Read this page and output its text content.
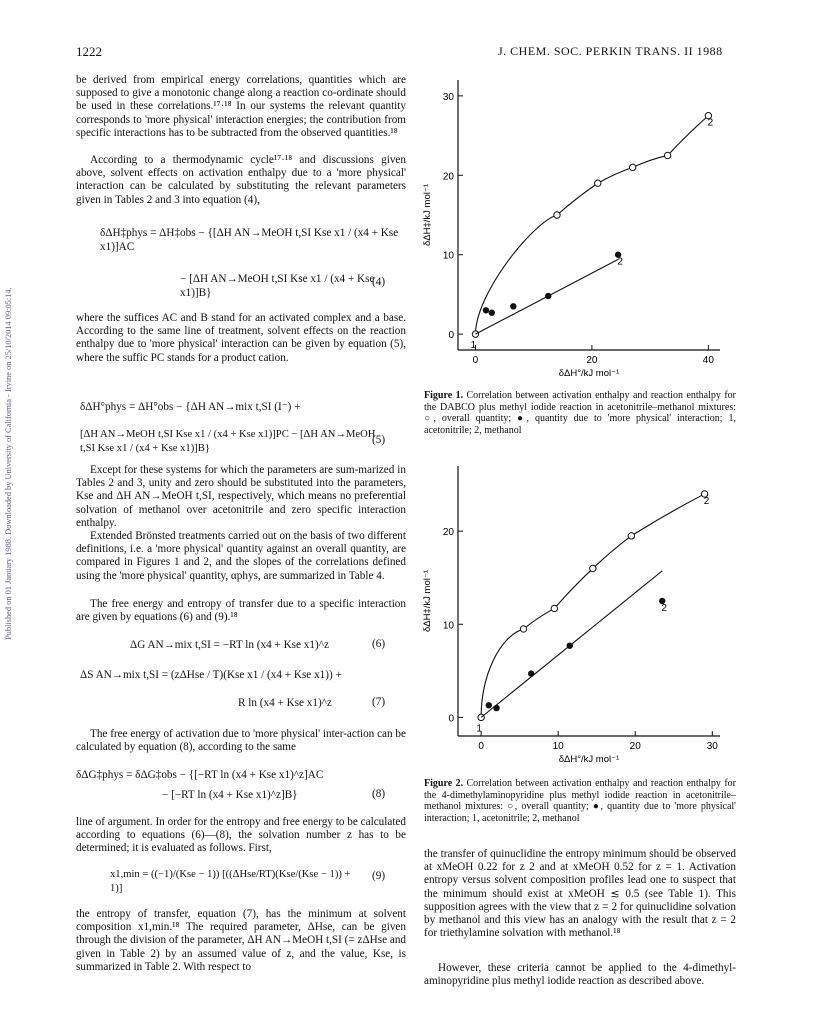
1222	J. CHEM. SOC. PERKIN TRANS. II 1988
Published on 01 January 1988. Downloaded by University of California - Irvine on 25/10/2014 09:05:14.

be derived from empirical energy correlations, quantities which are supposed to give a monotonic change along a reaction co-ordinate should be used in these correlations.¹⁷·¹⁸ In our systems the relevant quantity corresponds to 'more physical' interaction energies; the contribution from specific interactions has to be subtracted from the observed quantities.¹⁸

According to a thermodynamic cycle¹⁷·¹⁸ and discussions given above, solvent effects on activation enthalpy due to a 'more physical' interaction can be calculated by substituting the relevant parameters given in Tables 2 and 3 into equation (4),

δΔH‡phys = ΔH‡obs − {[ΔH AN→MeOH t,SI Kse x1 / (x4 + Kse x1)]AC
− [ΔH AN→MeOH t,SI Kse x1 / (x4 + Kse x1)]B}
(4)

where the suffices AC and B stand for an activated complex and a base. According to the same line of treatment, solvent effects on the reaction enthalpy due to 'more physical' interaction can be given by equation (5), where the suffic PC stands for a product cation.

δΔH°phys = ΔH°obs − {ΔH AN→mix t,SI (I⁻) +
[ΔH AN→MeOH t,SI Kse x1 / (x4 + Kse x1)]PC − [ΔH AN→MeOH t,SI Kse x1 / (x4 + Kse x1)]B}
(5)

Except for these systems for which the parameters are sum-marized in Tables 2 and 3, unity and zero should be substituted into the parameters, Kse and ΔH AN→MeOH t,SI, respectively, which means no preferential solvation of methanol over acetonitrile and zero specific interaction enthalpy.

Extended Brönsted treatments carried out on the basis of two different definitions, i.e. a 'more physical' quantity against an overall quantity, are compared in Figures 1 and 2, and the slopes of the correlations defined using the 'more physical' quantity, αphys, are summarized in Table 4.

The free energy and entropy of transfer due to a specific interaction are given by equations (6) and (9).¹⁸

ΔG AN→mix t,SI = −RT ln (x4 + Kse x1)^z	(6)
ΔS AN→mix t,SI = (zΔHse / T)(Kse x1 / (x4 + Kse x1)) +
R ln (x4 + Kse x1)^z	(7)

The free energy of activation due to 'more physical' inter-action can be calculated by equation (8), according to the same

δΔG‡phys = δΔG‡obs − {[−RT ln (x4 + Kse x1)^z]AC
− [−RT ln (x4 + Kse x1)^z]B}	(8)

line of argument. In order for the entropy and free energy to be calculated according to equations (6)—(8), the solvation number z has to be determined; it is evaluated as follows. First,

x1,min = ((−1)/(Kse − 1)) [((ΔHse/RT)(Kse/(Kse − 1)) + 1)]
(9)

the entropy of transfer, equation (7), has the minimum at solvent composition x1,min.¹⁸ The required parameter, ΔHse, can be given through the division of the parameter, ΔH AN→MeOH t,SI (= zΔHse and given in Table 2) by an assumed value of z, and the value, Kse, is summarized in Table 2. With respect to

0	20	40
0
10
20
30
δΔH°/kJ mol⁻¹
δΔH‡/kJ mol⁻¹
1
2
2
Figure 1. Correlation between activation enthalpy and reaction enthalpy for the DABCO plus methyl iodide reaction in acetonitrile–methanol mixtures: ○, overall quantity; ●, quantity due to 'more physical' interaction; 1, acetonitrile; 2, methanol
0	10	20	30
0
10
20
δΔH°/kJ mol⁻¹
δΔH‡/kJ mol⁻¹
1
2
2
Figure 2. Correlation between activation enthalpy and reaction enthalpy for the 4-dimethylaminopyridine plus methyl iodide reaction in acetonitrile–methanol mixtures: ○, overall quantity; ●, quantity due to 'more physical' interaction; 1, acetonitrile; 2, methanol

the transfer of quinuclidine the entropy minimum should be observed at xMeOH 0.22 for z 2 and at xMeOH 0.52 for z = 1. Activation entropy versus solvent composition profiles lead one to suspect that the minimum should exist at xMeOH ≲ 0.5 (see Table 1). This supposition agrees with the view that z = 2 for quinuclidine solvation by methanol and this view has an analogy with the result that z = 2 for triethylamine solvation with methanol.¹⁸

However, these criteria cannot be applied to the 4-dimethyl-aminopyridine plus methyl iodide reaction as described above.
